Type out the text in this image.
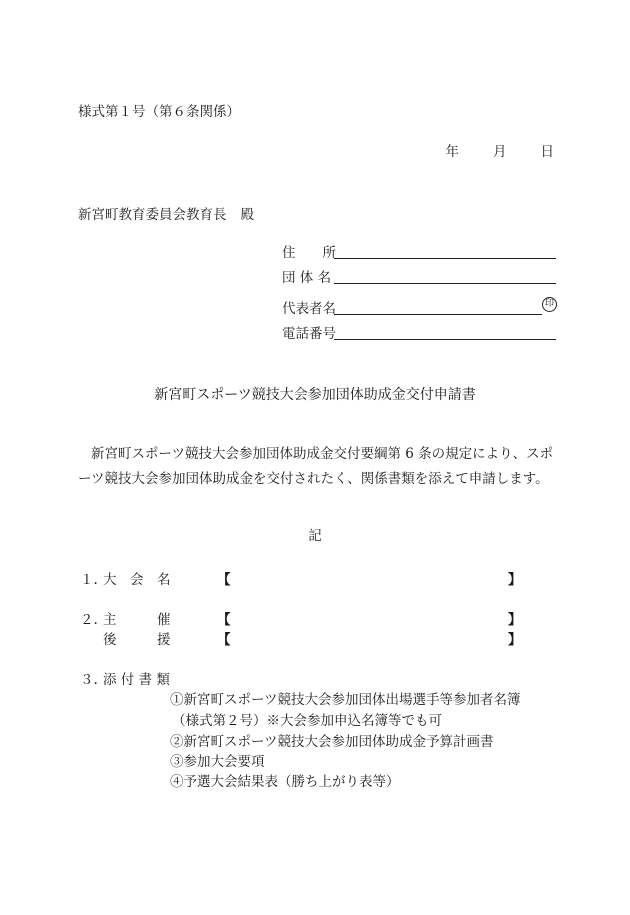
様式第１号（第６条関係）
年	月	日
新宮町教育委員会教育長 殿
住　　所
団 体 名
代表者名	印
電話番号
新宮町スポーツ競技大会参加団体助成金交付申請書
新宮町スポーツ競技大会参加団体助成金交付要綱第 6 条の規定により、スポーツ競技大会参加団体助成金を交付されたく、関係書類を添えて申請します。
記
１. 大　会　名	【	】
２. 主　　　催	【	】
後　　　援	【	】
３. 添 付 書 類
①新宮町スポーツ競技大会参加団体出場選手等参加者名簿
（様式第２号）※大会参加申込名簿等でも可
②新宮町スポーツ競技大会参加団体助成金予算計画書
③参加大会要項
④予選大会結果表（勝ち上がり表等）
